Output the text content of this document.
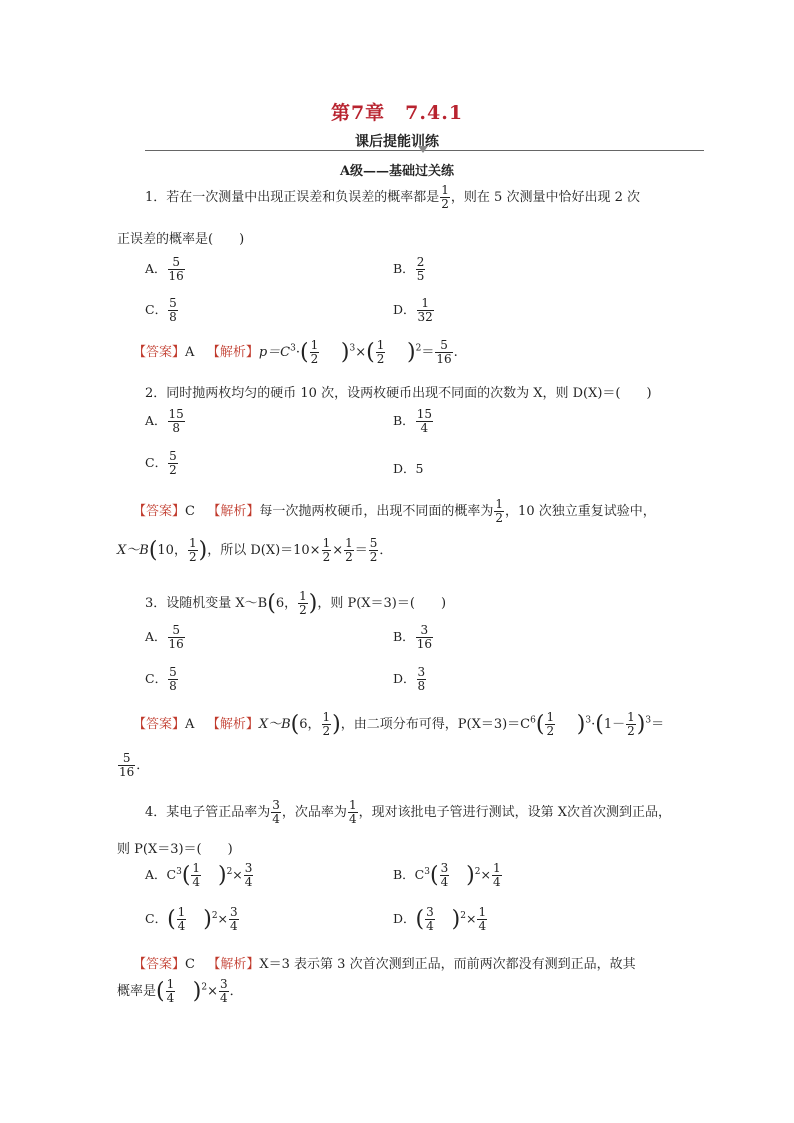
第7章　7.4.1
课后提能训练
A级——基础过关练
1．若在一次测量中出现正误差和负误差的概率都是 $\frac{1}{2}$ ，则在 5 次测量中恰好出现 2 次
正误差的概率是(　　)
A． $\frac{5}{16}$	B． $\frac{2}{5}$
C． $\frac{5}{8}$	D． $\frac{1}{32}$
【答案】A 【解析】$p=C^3\cdot( \frac{1}{2} )^3\times( \frac{1}{2} )^2= \frac{5}{16}$ .
2．同时抛两枚均匀的硬币 10 次，设两枚硬币出现不同面的次数为 X，则 D(X)＝(　　)
A． $\frac{15}{8}$	B． $\frac{15}{4}$
C． $\frac{5}{2}$	D．5
【答案】C 【解析】每一次抛两枚硬币，出现不同面的概率为 $\frac{1}{2}$ ，10 次独立重复试验中，
X～B(10， $\frac{1}{2}$ )，所以 $D(X)=10\times \frac{1}{2} \times \frac{1}{2} = \frac{5}{2}$ ．
3．设随机变量 X～B(6， $\frac{1}{2}$ )，则 P(X＝3)＝(　　)
A． $\frac{5}{16}$	B． $\frac{3}{16}$
C． $\frac{5}{8}$	D． $\frac{3}{8}$
【答案】A 【解析】X～B(6， $\frac{1}{2}$ )，由二项分布可得，$P(X=3)=C^6( \frac{1}{2} )^3\cdot(1- \frac{1}{2} )^3=$
$\frac{5}{16}$ ．
4．某电子管正品率为 $\frac{3}{4}$ ，次品率为 $\frac{1}{4}$ ，现对该批电子管进行测试，设第 X次首次测到正品，
则 P(X＝3)＝(　　)
A．$C^3( \frac{1}{4} )^2\times \frac{3}{4}$	B．$C^3( \frac{3}{4} )^2\times \frac{1}{4}$
C．( $\frac{1}{4} )^2\times \frac{3}{4}$	D．( $\frac{3}{4} )^2\times \frac{1}{4}$
【答案】C 【解析】X＝3 表示第 3 次首次测到正品，而前两次都没有测到正品，故其
概率是( $\frac{1}{4} )^2\times \frac{3}{4}$ ．
